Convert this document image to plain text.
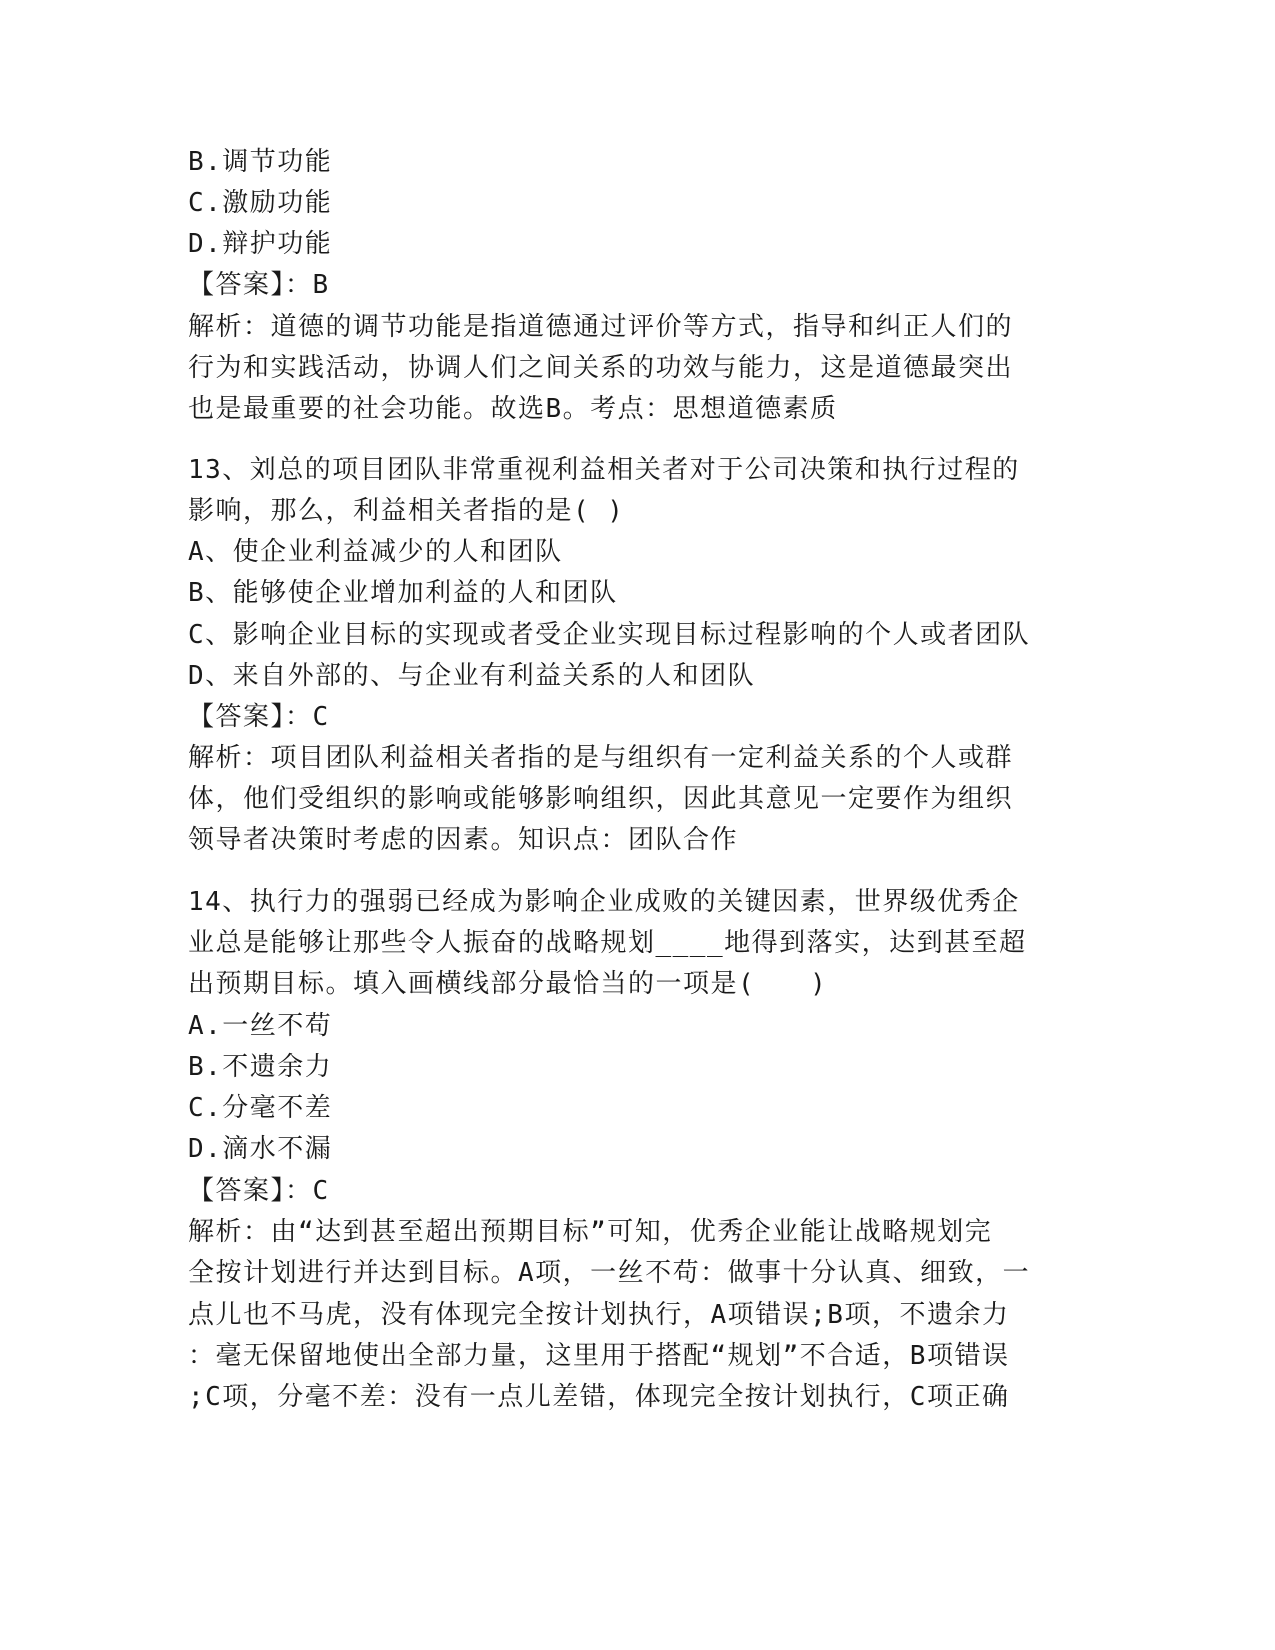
B.调节功能
C.激励功能
D.辩护功能
【答案】：B
解析：道德的调节功能是指道德通过评价等方式，指导和纠正人们的
行为和实践活动，协调人们之间关系的功效与能力，这是道德最突出
也是最重要的社会功能。故选B。考点：思想道德素质
13、刘总的项目团队非常重视利益相关者对于公司决策和执行过程的
影响，那么，利益相关者指的是( )
A、使企业利益减少的人和团队
B、能够使企业增加利益的人和团队
C、影响企业目标的实现或者受企业实现目标过程影响的个人或者团队
D、来自外部的、与企业有利益关系的人和团队
【答案】：C
解析：项目团队利益相关者指的是与组织有一定利益关系的个人或群
体，他们受组织的影响或能够影响组织，因此其意见一定要作为组织
领导者决策时考虑的因素。知识点：团队合作
14、执行力的强弱已经成为影响企业成败的关键因素，世界级优秀企
业总是能够让那些令人振奋的战略规划____地得到落实，达到甚至超
出预期目标。填入画横线部分最恰当的一项是(　　)
A.一丝不苟
B.不遗余力
C.分毫不差
D.滴水不漏
【答案】：C
解析：由“达到甚至超出预期目标”可知，优秀企业能让战略规划完
全按计划进行并达到目标。A项，一丝不苟：做事十分认真、细致，一
点儿也不马虎，没有体现完全按计划执行，A项错误;B项，不遗余力
：毫无保留地使出全部力量，这里用于搭配“规划”不合适，B项错误
;C项，分毫不差：没有一点儿差错，体现完全按计划执行，C项正确
